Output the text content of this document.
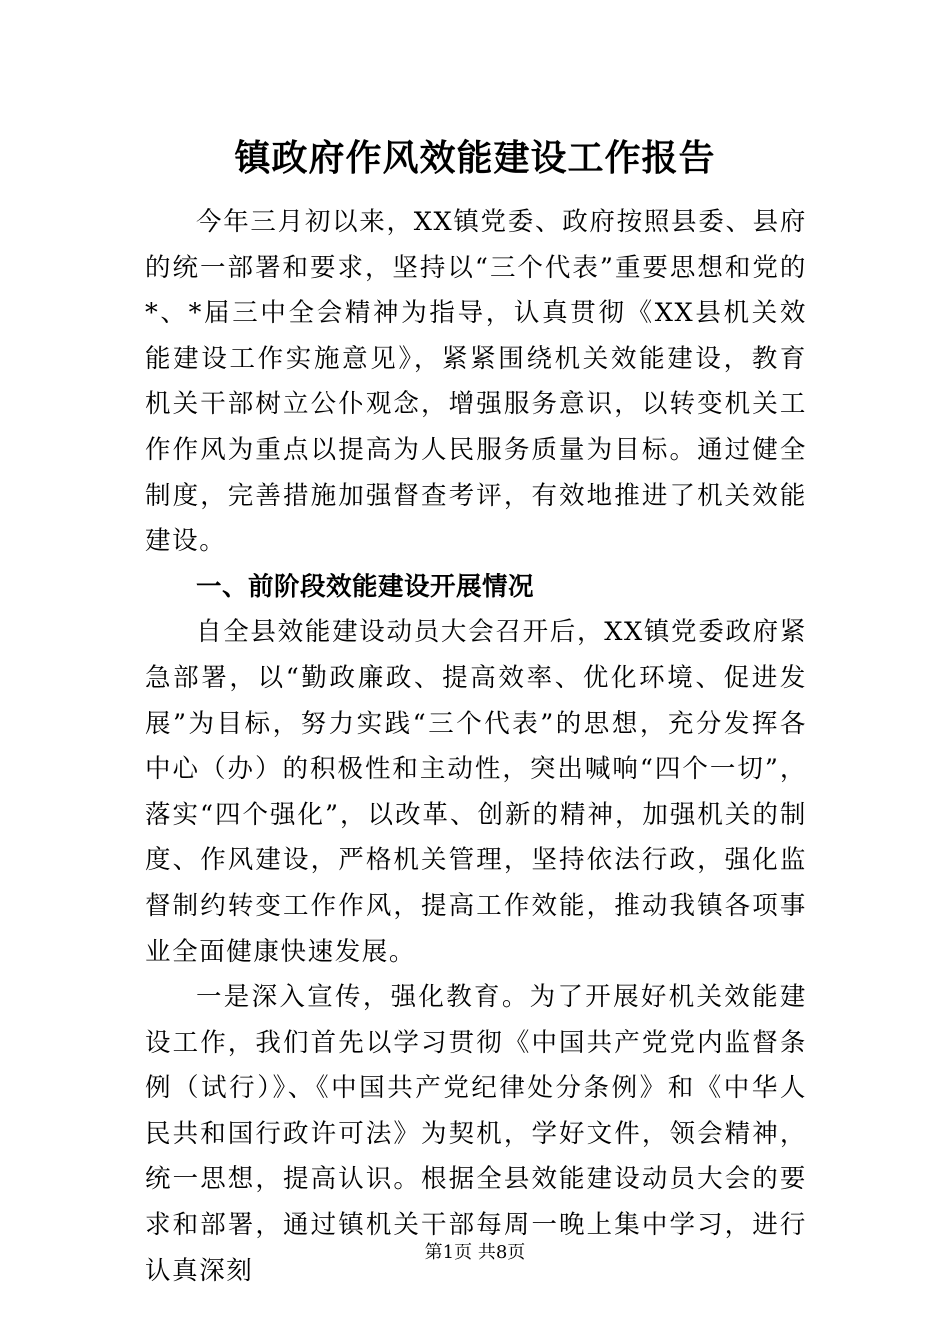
镇政府作风效能建设工作报告

今年三月初以来，XX镇党委、政府按照县委、县府的统一部署和要求，坚持以“三个代表”重要思想和党的*、*届三中全会精神为指导，认真贯彻《XX县机关效能建设工作实施意见》，紧紧围绕机关效能建设，教育机关干部树立公仆观念，增强服务意识，以转变机关工作作风为重点以提高为人民服务质量为目标。通过健全制度，完善措施加强督查考评，有效地推进了机关效能建设。

一、前阶段效能建设开展情况

自全县效能建设动员大会召开后，XX镇党委政府紧急部署，以“勤政廉政、提高效率、优化环境、促进发展”为目标，努力实践“三个代表”的思想，充分发挥各中心（办）的积极性和主动性，突出喊响“四个一切”，落实“四个强化”，以改革、创新的精神，加强机关的制度、作风建设，严格机关管理，坚持依法行政，强化监督制约转变工作作风，提高工作效能，推动我镇各项事业全面健康快速发展。

一是深入宣传，强化教育。为了开展好机关效能建设工作，我们首先以学习贯彻《中国共产党党内监督条例（试行）》、《中国共产党纪律处分条例》和《中华人民共和国行政许可法》为契机，学好文件，领会精神，统一思想，提高认识。根据全县效能建设动员大会的要求和部署，通过镇机关干部每周一晚上集中学习，进行认真深刻

第1页 共8页
